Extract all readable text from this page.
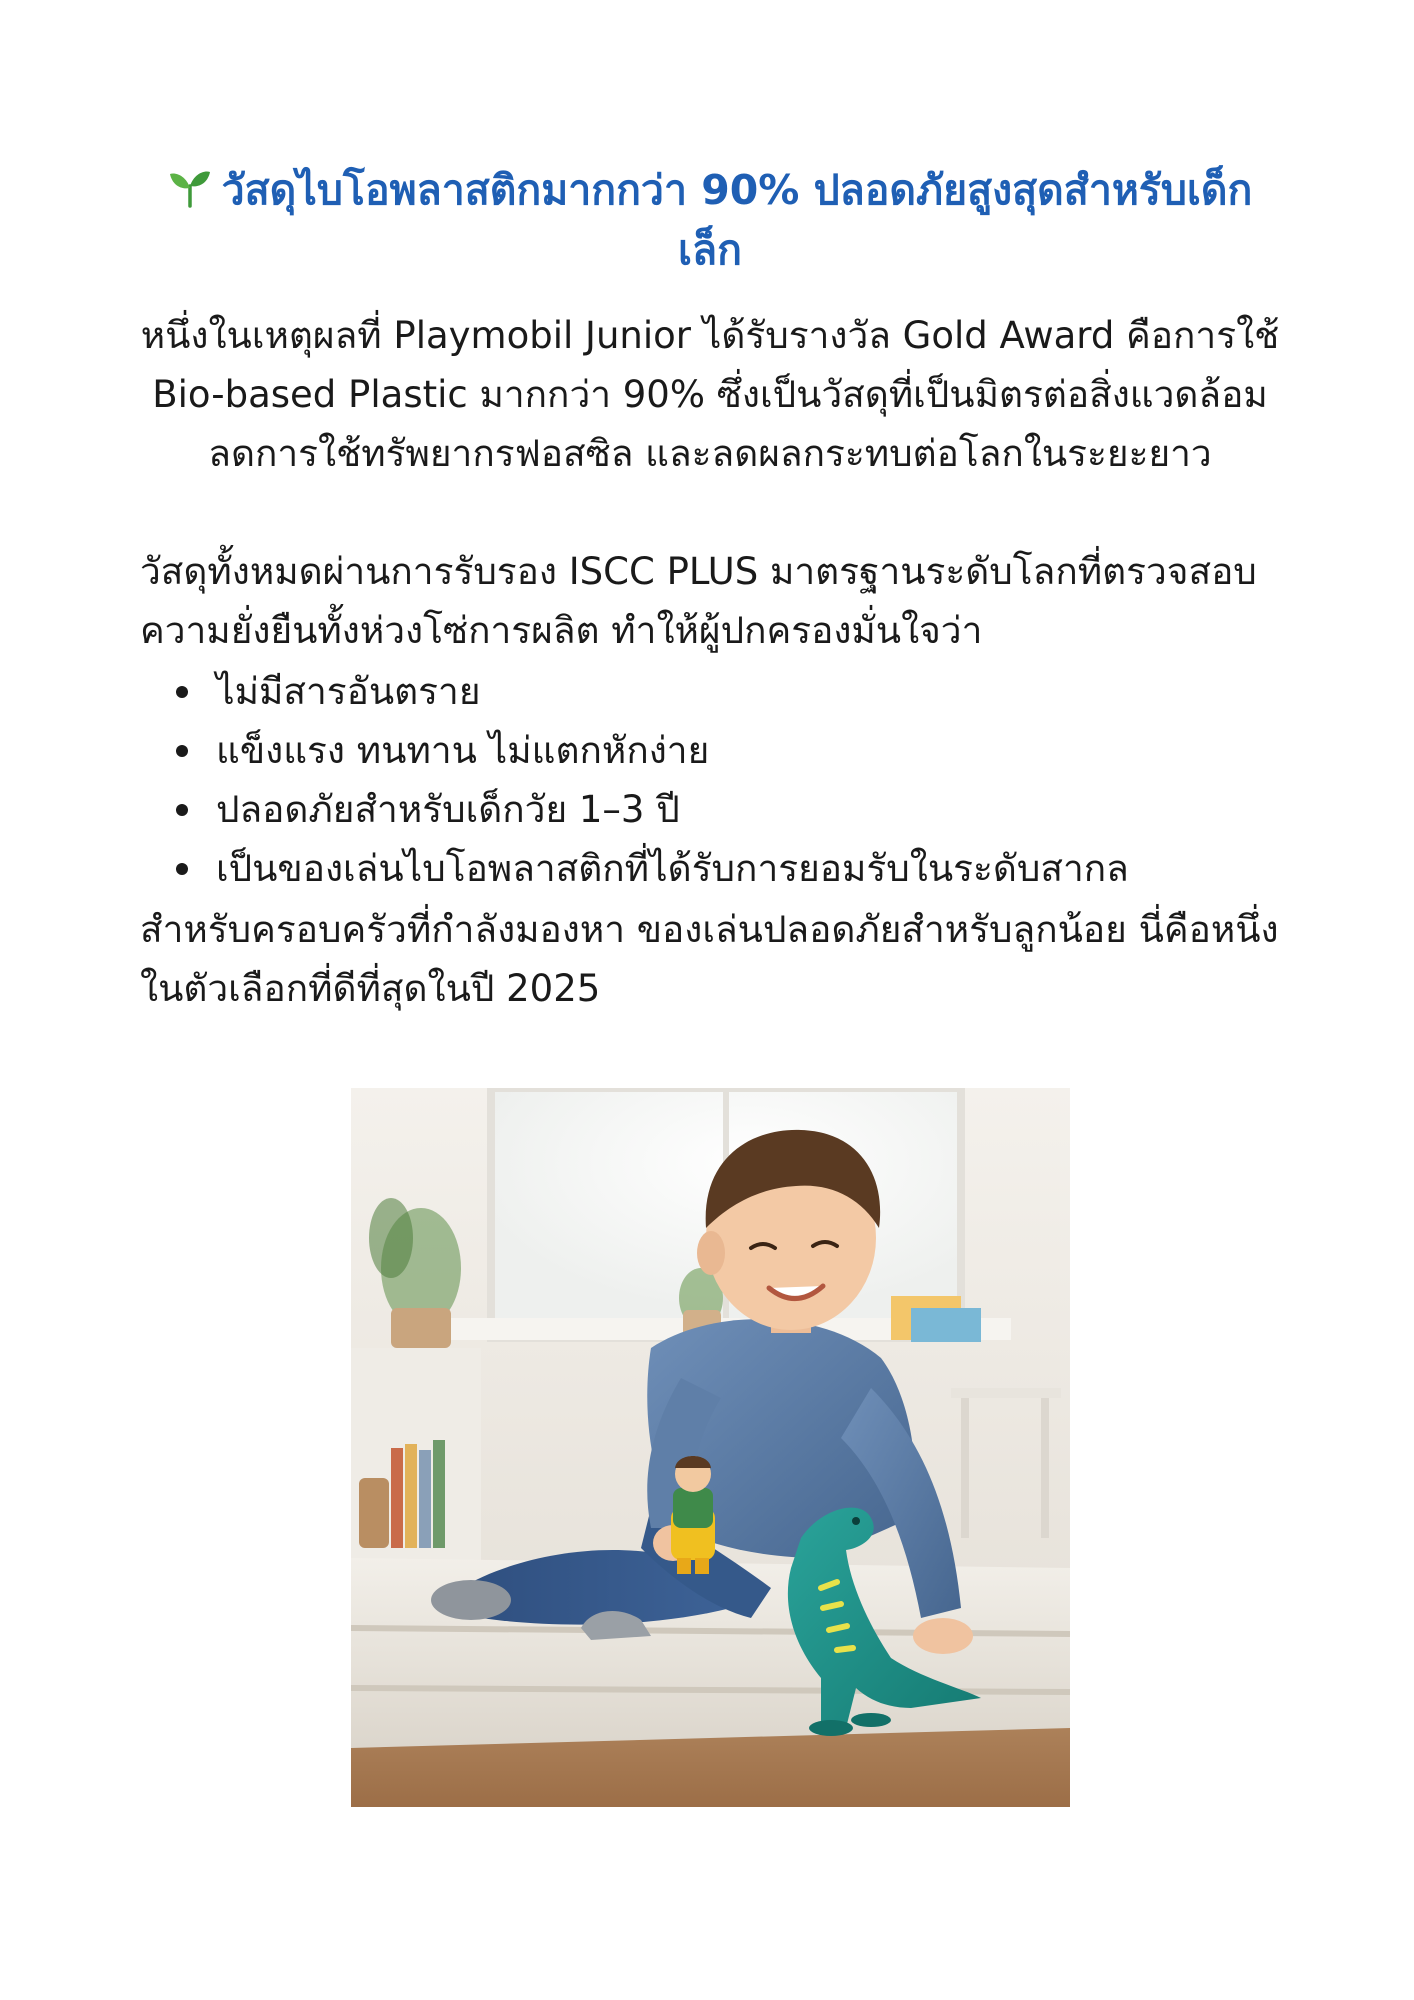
วัสดุไบโอพลาสติกมากกว่า 90% ปลอดภัยสูงสุดสำหรับเด็กเล็ก

หนึ่งในเหตุผลที่ Playmobil Junior ได้รับรางวัล Gold Award คือการใช้ Bio-based Plastic มากกว่า 90% ซึ่งเป็นวัสดุที่เป็นมิตรต่อสิ่งแวดล้อม ลดการใช้ทรัพยากรฟอสซิล และลดผลกระทบต่อโลกในระยะยาว

วัสดุทั้งหมดผ่านการรับรอง ISCC PLUS มาตรฐานระดับโลกที่ตรวจสอบความยั่งยืนทั้งห่วงโซ่การผลิต ทำให้ผู้ปกครองมั่นใจว่า

ไม่มีสารอันตราย
แข็งแรง ทนทาน ไม่แตกหักง่าย
ปลอดภัยสำหรับเด็กวัย 1–3 ปี
เป็นของเล่นไบโอพลาสติกที่ได้รับการยอมรับในระดับสากล

สำหรับครอบครัวที่กำลังมองหา ของเล่นปลอดภัยสำหรับลูกน้อย นี่คือหนึ่งในตัวเลือกที่ดีที่สุดในปี 2025
